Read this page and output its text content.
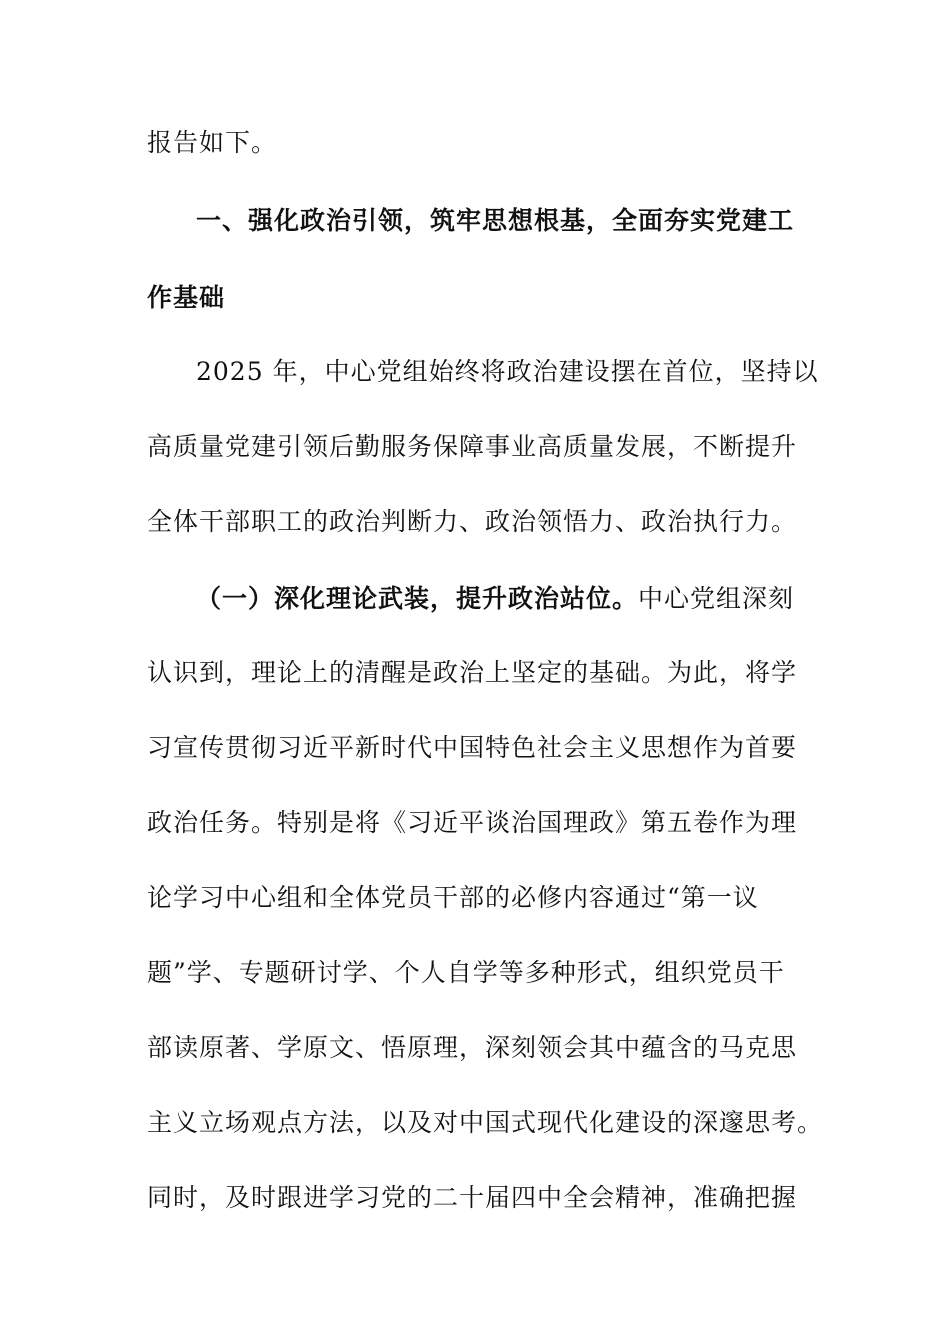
报告如下。
一、强化政治引领，筑牢思想根基，全面夯实党建工
作基础
2025 年，中心党组始终将政治建设摆在首位，坚持以
高质量党建引领后勤服务保障事业高质量发展，不断提升
全体干部职工的政治判断力、政治领悟力、政治执行力。
（一）深化理论武装，提升政治站位。中心党组深刻
认识到，理论上的清醒是政治上坚定的基础。为此，将学
习宣传贯彻习近平新时代中国特色社会主义思想作为首要
政治任务。特别是将《习近平谈治国理政》第五卷作为理
论学习中心组和全体党员干部的必修内容通过“第一议
题”学、专题研讨学、个人自学等多种形式，组织党员干
部读原著、学原文、悟原理，深刻领会其中蕴含的马克思
主义立场观点方法，以及对中国式现代化建设的深邃思考。
同时，及时跟进学习党的二十届四中全会精神，准确把握
